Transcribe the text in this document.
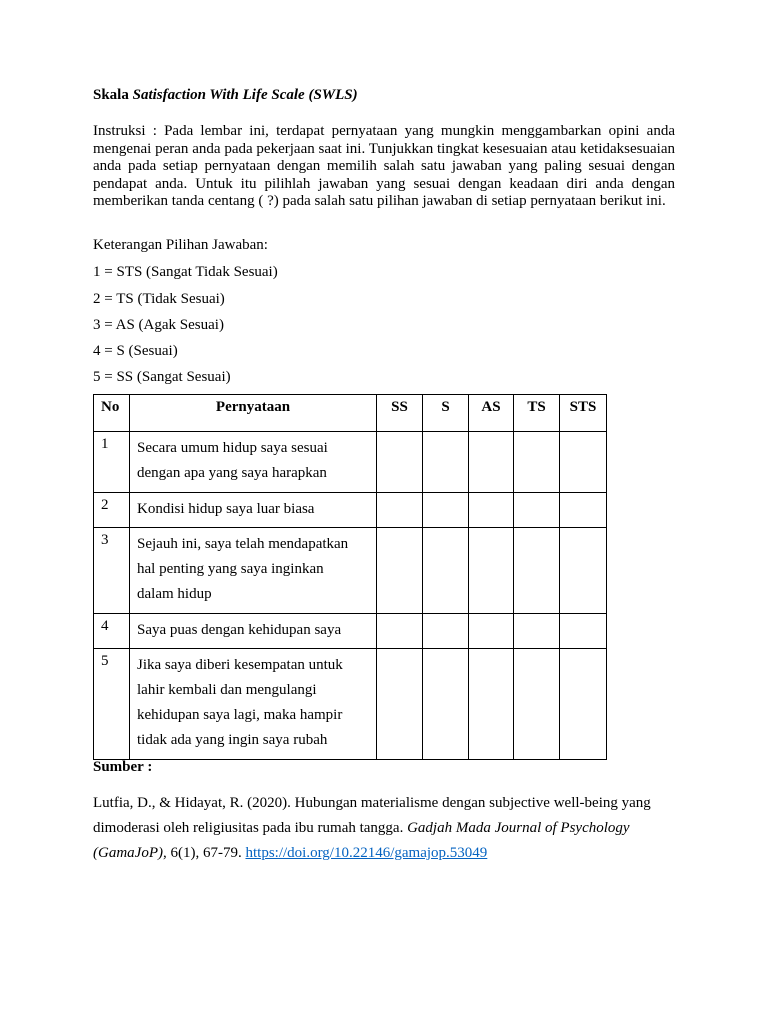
Skala Satisfaction With Life Scale (SWLS)
Instruksi : Pada lembar ini, terdapat pernyataan yang mungkin menggambarkan opini anda mengenai peran anda pada pekerjaan saat ini. Tunjukkan tingkat kesesuaian atau ketidaksesuaian anda pada setiap pernyataan dengan memilih salah satu jawaban yang paling sesuai dengan pendapat anda. Untuk itu pilihlah jawaban yang sesuai dengan keadaan diri anda dengan memberikan tanda centang ( ?) pada salah satu pilihan jawaban di setiap pernyataan berikut ini.
Keterangan Pilihan Jawaban:
1 = STS (Sangat Tidak Sesuai)
2 = TS (Tidak Sesuai)
3 = AS (Agak Sesuai)
4 = S (Sesuai)
5 = SS (Sangat Sesuai)
No	Pernyataan	SS	S	AS	TS	STS
1	Secara umum hidup saya sesuai
dengan apa yang saya harapkan					

2	Kondisi hidup saya luar biasa					

3	Sejauh ini, saya telah mendapatkan
hal penting yang saya inginkan
dalam hidup					

4	Saya puas dengan kehidupan saya					

5	Jika saya diberi kesempatan untuk
lahir kembali dan mengulangi
kehidupan saya lagi, maka hampir
tidak ada yang ingin saya rubah					

Sumber :
Lutfia, D., & Hidayat, R. (2020). Hubungan materialisme dengan subjective well-being yang dimoderasi oleh religiusitas pada ibu rumah tangga. Gadjah Mada Journal of Psychology (GamaJoP), 6(1), 67-79. https://doi.org/10.22146/gamajop.53049
